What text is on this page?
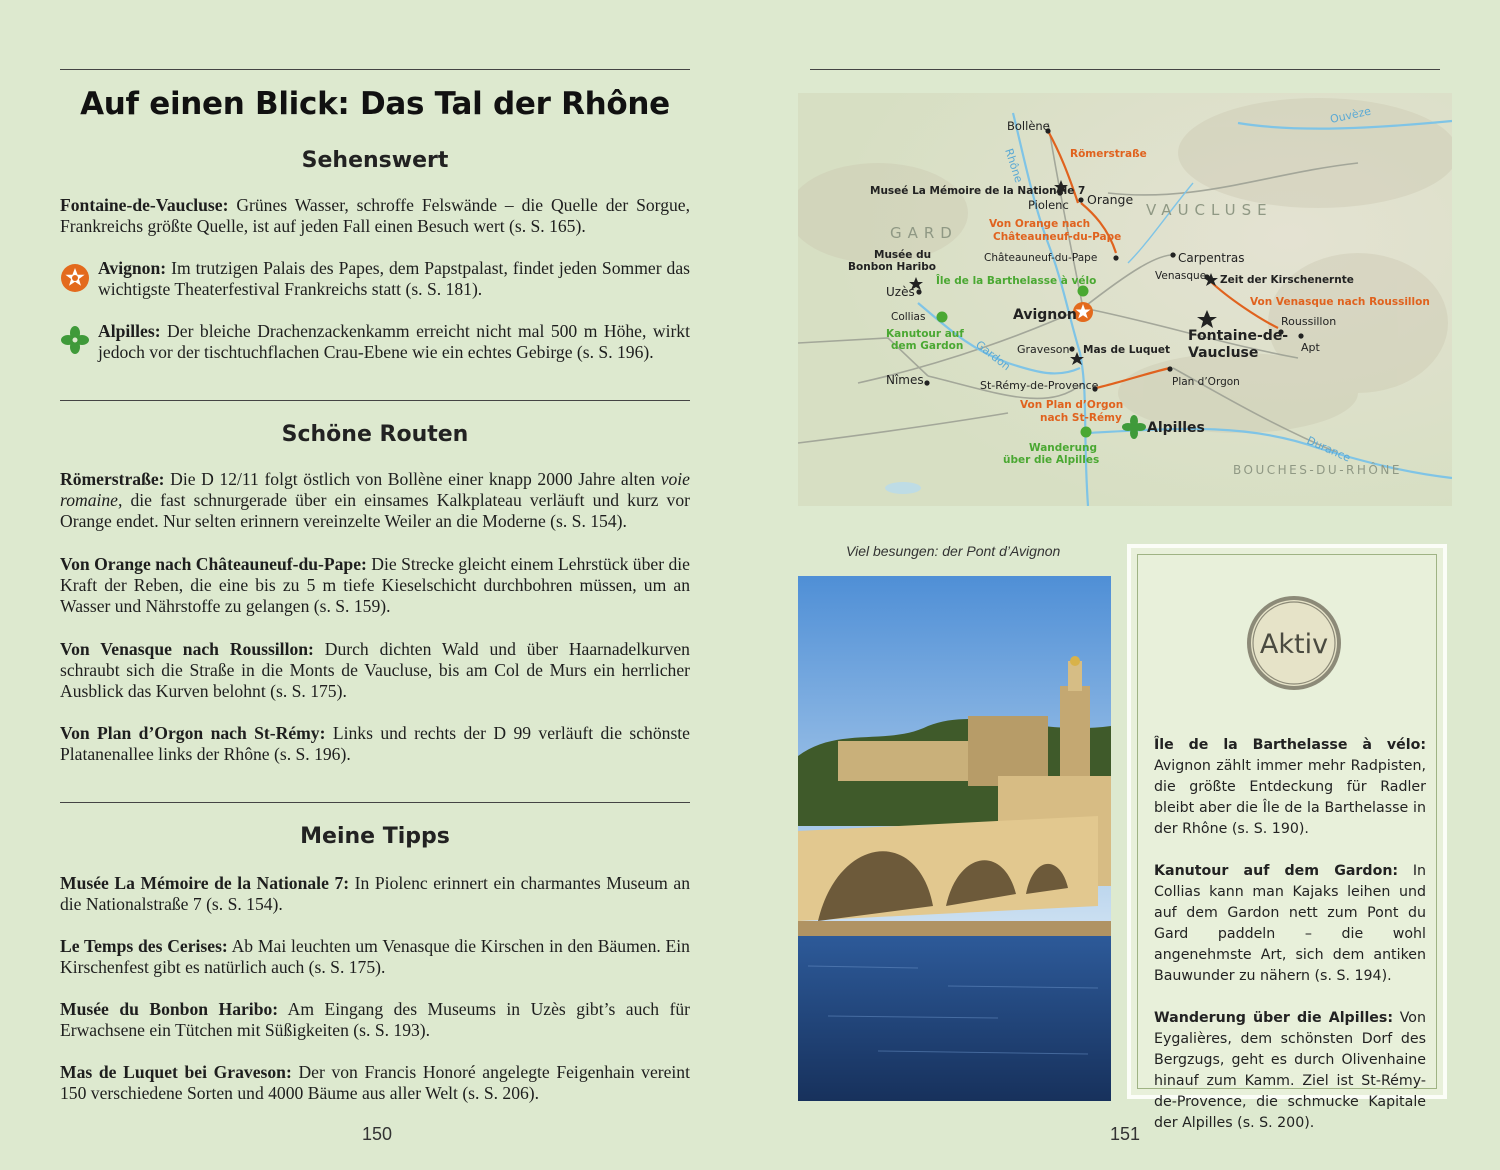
Auf einen Blick: Das Tal der Rhône
Sehenswert

Fontaine-de-Vaucluse: Grünes Wasser, schroffe Felswände – die Quelle der Sorgue, Frankreichs größte Quelle, ist auf jeden Fall einen Besuch wert (s. S. 165).

Avignon: Im trutzigen Palais des Papes, dem Papstpalast, findet jeden Sommer das wichtigste Theaterfestival Frankreichs statt (s. S. 181).

Alpilles: Der bleiche Drachenzackenkamm erreicht nicht mal 500 m Höhe, wirkt jedoch vor der tischtuchflachen Crau-Ebene wie ein echtes Gebirge (s. S. 196).

Schöne Routen

Römerstraße: Die D 12/11 folgt östlich von Bollène einer knapp 2000 Jahre alten voie romaine, die fast schnurgerade über ein einsames Kalkplateau verläuft und kurz vor Orange endet. Nur selten erinnern vereinzelte Weiler an die Moderne (s. S. 154).

Von Orange nach Châteauneuf-du-Pape: Die Strecke gleicht einem Lehrstück über die Kraft der Reben, die eine bis zu 5 m tiefe Kieselschicht durchbohren müssen, um an Wasser und Nährstoffe zu gelangen (s. S. 159).

Von Venasque nach Roussillon: Durch dichten Wald und über Haarnadelkurven schraubt sich die Straße in die Monts de Vaucluse, bis am Col de Murs ein herrlicher Ausblick das Kurven belohnt (s. S. 175).

Von Plan d’Orgon nach St-Rémy: Links und rechts der D 99 verläuft die schönste Platanenallee links der Rhône (s. S. 196).

Meine Tipps

Musée La Mémoire de la Nationale 7: In Piolenc erinnert ein charmantes Museum an die Nationalstraße 7 (s. S. 154).

Le Temps des Cerises: Ab Mai leuchten um Venasque die Kirschen in den Bäumen. Ein Kirschenfest gibt es natürlich auch (s. S. 175).

Musée du Bonbon Haribo: Am Eingang des Museums in Uzès gibt’s auch für Erwachsene ein Tütchen mit Süßigkeiten (s. S. 193).

Mas de Luquet bei Graveson: Der von Francis Honoré angelegte Feigenhain vereint 150 verschiedene Sorten und 4000 Bäume aus aller Welt (s. S. 206).

150
GARD
VAUCLUSE
BOUCHES-DU-RHÔNE
Rhône
Ouvèze
Gardon
Durance
Bollène
Piolenc Orange
Châteauneuf-du-Pape	Carpentras
Venasque
Uzès
Collias	Avignon
Graveson
Nîmes	St-Rémy-de-Provence	Plan d’Orgon
Roussillon
Apt
Fontaine-de-
Vaucluse
Museé La Mémoire de la Nationale 7
Mas de Luquet
Zeit der Kirschenernte
Alpilles
Musée du
Bonbon Haribo
Römerstraße
Von Orange nach
Châteauneuf-du-Pape
Von Venasque nach Roussillon
Von Plan d’Orgon
nach St-Rémy
Île de la Barthelasse à vélo
Kanutour auf
dem Gardon
Wanderung
über die Alpilles
Viel besungen: der Pont d’Avignon
Aktiv

Île de la Barthelasse à vélo: Avignon zählt immer mehr Radpisten, die größte Entdeckung für Radler bleibt aber die Île de la Barthelasse in der Rhône (s. S. 190).

Kanutour auf dem Gardon: In Collias kann man Kajaks leihen und auf dem Gardon nett zum Pont du Gard paddeln – die wohl angenehmste Art, sich dem antiken Bauwunder zu nähern (s. S. 194).

Wanderung über die Alpilles: Von Eygalières, dem schönsten Dorf des Bergzugs, geht es durch Olivenhaine hinauf zum Kamm. Ziel ist St-Rémy-de-Provence, die schmucke Kapitale der Alpilles (s. S. 200).

151
